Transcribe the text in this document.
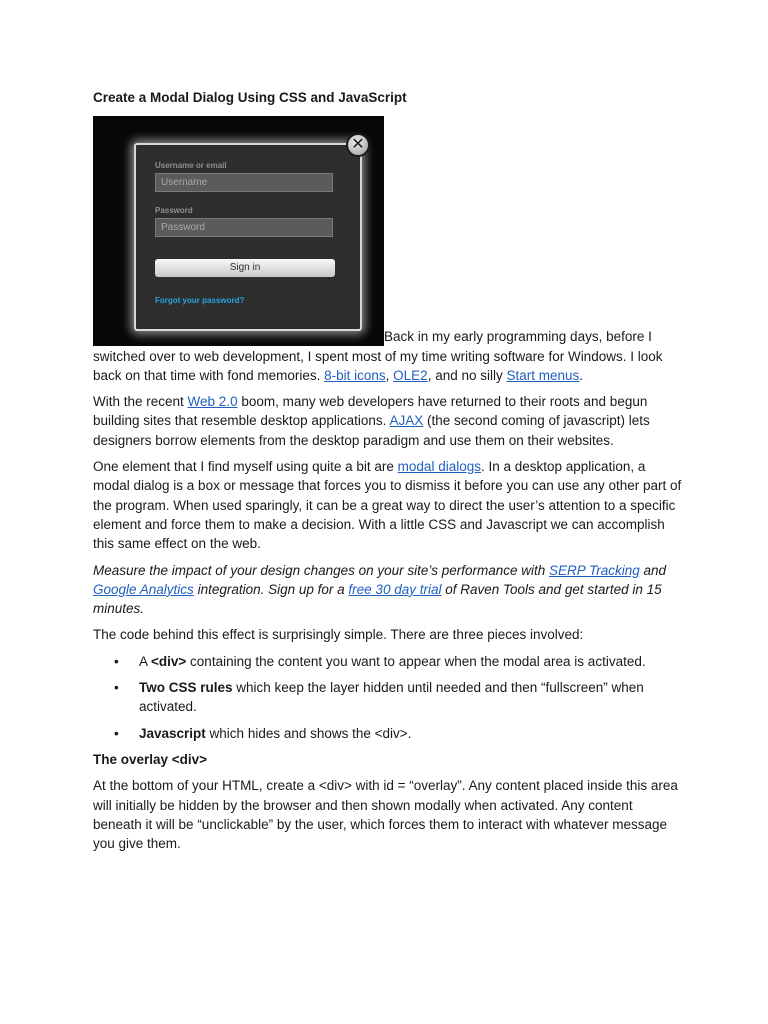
Create a Modal Dialog Using CSS and JavaScript
Username or email
Username
Password
Password
Sign in
Forgot your password?
✕

Back in my early programming days, before I switched over to web development, I spent most of my time writing software for Windows. I look back on that time with fond memories. 8-bit icons, OLE2, and no silly Start menus.

With the recent Web 2.0 boom, many web developers have returned to their roots and begun building sites that resemble desktop applications. AJAX (the second coming of javascript) lets designers borrow elements from the desktop paradigm and use them on their websites.

One element that I find myself using quite a bit are modal dialogs. In a desktop application, a modal dialog is a box or message that forces you to dismiss it before you can use any other part of the program. When used sparingly, it can be a great way to direct the user’s attention to a specific element and force them to make a decision. With a little CSS and Javascript we can accomplish this same effect on the web.

Measure the impact of your design changes on your site’s performance with SERP Tracking and Google Analytics integration. Sign up for a free 30 day trial of Raven Tools and get started in 15 minutes.

The code behind this effect is surprisingly simple. There are three pieces involved:

• A <div> containing the content you want to appear when the modal area is activated.
• Two CSS rules which keep the layer hidden until needed and then “fullscreen” when activated.
• Javascript which hides and shows the <div>.
The overlay <div>

At the bottom of your HTML, create a <div> with id = “overlay”. Any content placed inside this area will initially be hidden by the browser and then shown modally when activated. Any content beneath it will be “unclickable” by the user, which forces them to interact with whatever message you give them.
